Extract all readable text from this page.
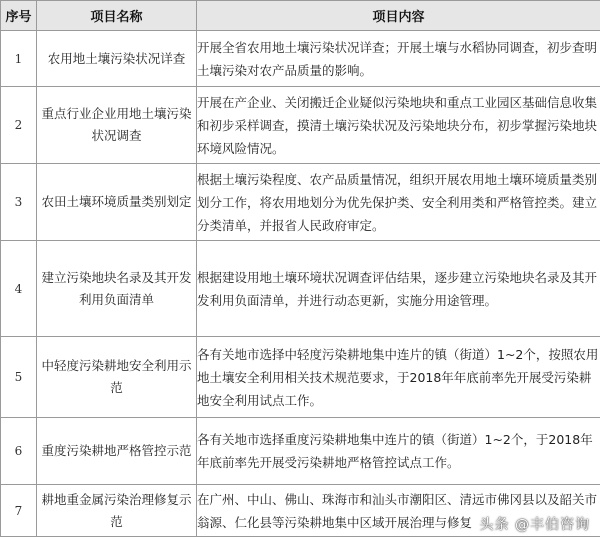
序号	项目名称	项目内容
1	农用地土壤污染状况详查	开展全省农用地土壤污染状况详查；开展土壤与水稻协同调查，初步查明土壤污染对农产品质量的影响。
2	重点行业企业用地土壤污染状况调查	开展在产企业、关闭搬迁企业疑似污染地块和重点工业园区基础信息收集和初步采样调查，摸清土壤污染状况及污染地块分布，初步掌握污染地块环境风险情况。
3	农田土壤环境质量类别划定	根据土壤污染程度、农产品质量情况，组织开展农用地土壤环境质量类别划分工作，将农用地划分为优先保护类、安全利用类和严格管控类。建立分类清单，并报省人民政府审定。
4	建立污染地块名录及其开发利用负面清单	根据建设用地土壤环境状况调查评估结果，逐步建立污染地块名录及其开发利用负面清单，并进行动态更新，实施分用途管理。
5	中轻度污染耕地安全利用示范	各有关地市选择中轻度污染耕地集中连片的镇（街道）1~2个，按照农用地土壤安全利用相关技术规范要求，于2018年年底前率先开展受污染耕地安全利用试点工作。
6	重度污染耕地严格管控示范	各有关地市选择重度污染耕地集中连片的镇（街道）1~2个，于2018年年底前率先开展受污染耕地严格管控试点工作。
7	耕地重金属污染治理修复示范	在广州、中山、佛山、珠海市和汕头市潮阳区、清远市佛冈县以及韶关市翁源、仁化县等污染耕地集中区域开展治理与修复 头条 @丰伯咨询
